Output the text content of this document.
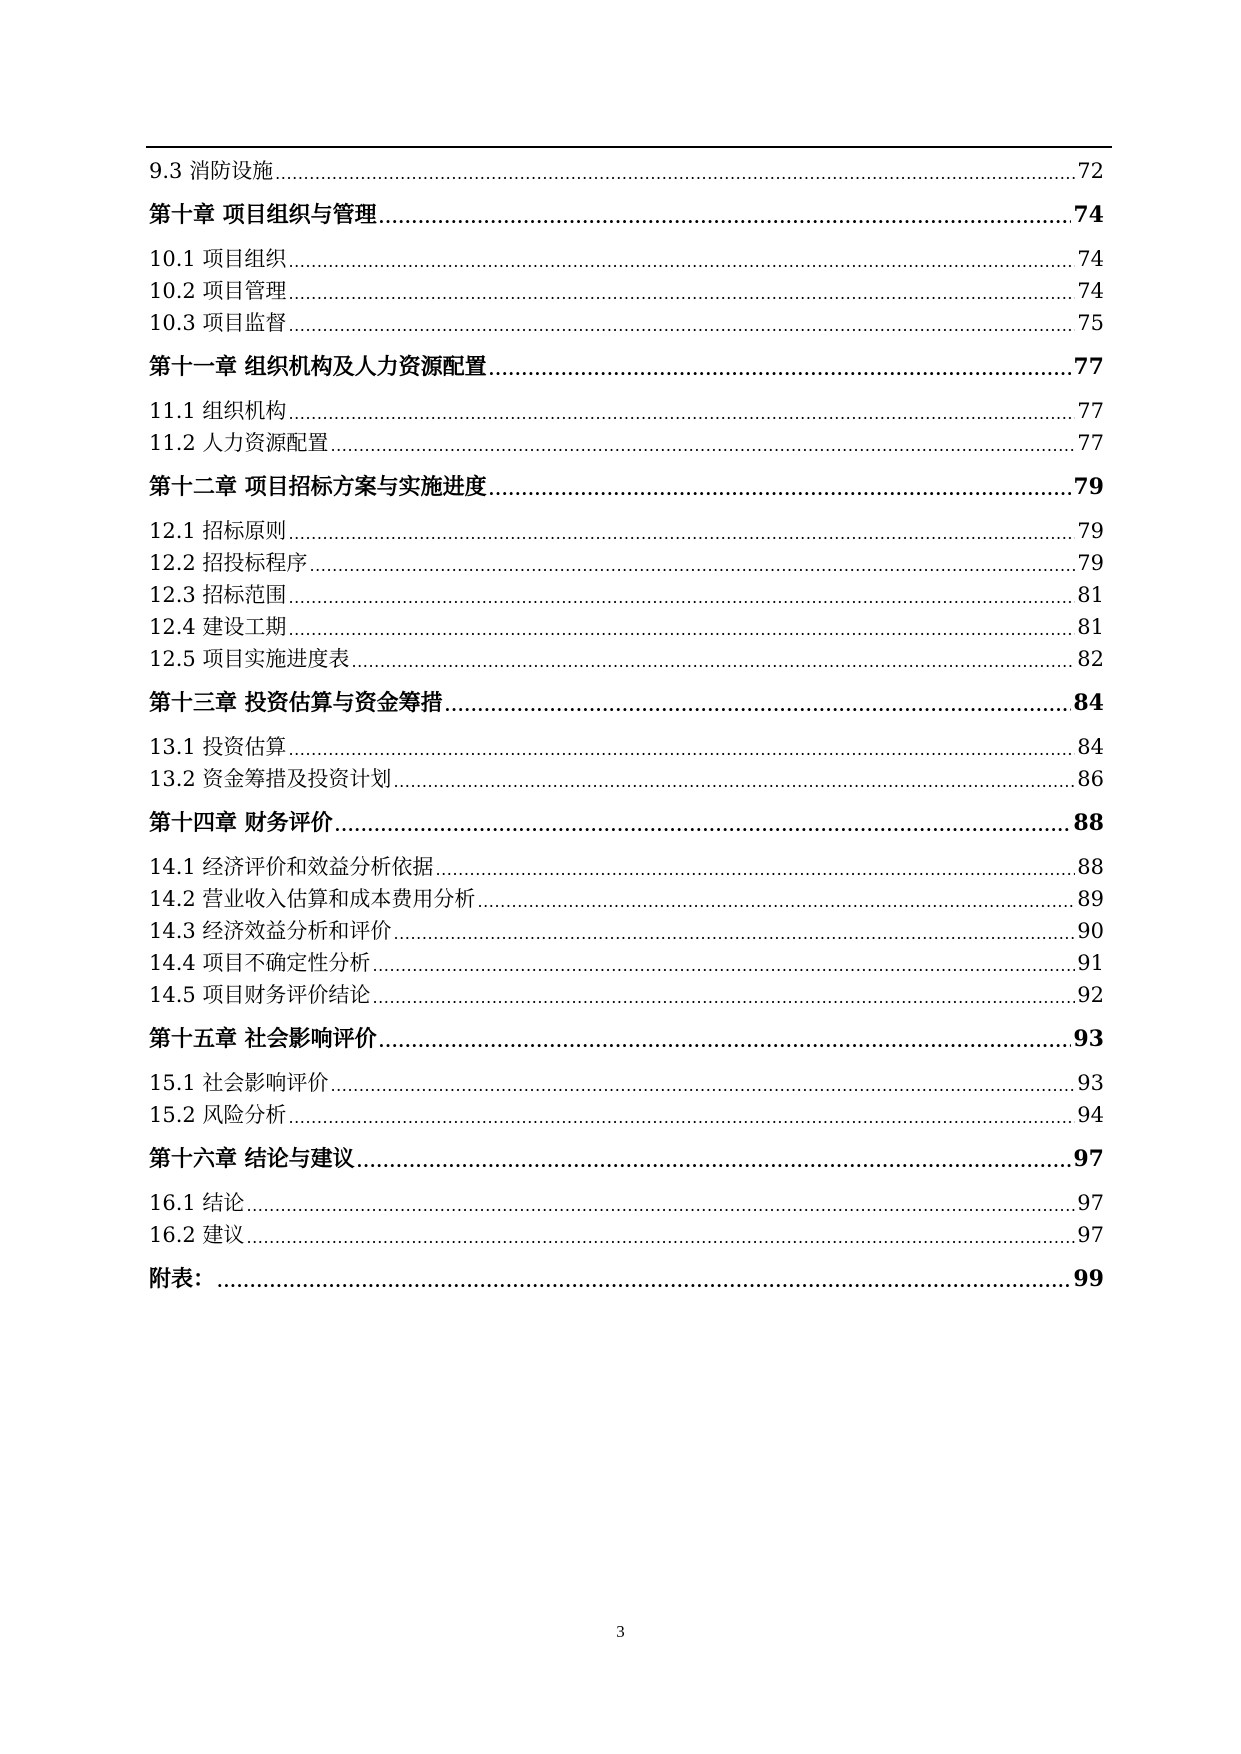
9.3 消防设施 .....	72
第十章 项目组织与管理 .....	74
10.1 项目组织 .....	74
10.2 项目管理 .....	74
10.3 项目监督 .....	75
第十一章 组织机构及人力资源配置 .....	77
11.1 组织机构 .....	77
11.2 人力资源配置 .....	77
第十二章 项目招标方案与实施进度 .....	79
12.1 招标原则 .....	79
12.2 招投标程序 .....	79
12.3 招标范围 .....	81
12.4 建设工期 .....	81
12.5 项目实施进度表 .....	82
第十三章 投资估算与资金筹措 .....	84
13.1 投资估算 .....	84
13.2 资金筹措及投资计划 .....	86
第十四章 财务评价 .....	88
14.1 经济评价和效益分析依据 .....	88
14.2 营业收入估算和成本费用分析 .....	89
14.3 经济效益分析和评价 .....	90
14.4 项目不确定性分析 .....	91
14.5 项目财务评价结论 .....	92
第十五章 社会影响评价 .....	93
15.1 社会影响评价 .....	93
15.2 风险分析 .....	94
第十六章 结论与建议 .....	97
16.1 结论 .....	97
16.2 建议 .....	97
附表： .....	99
3
